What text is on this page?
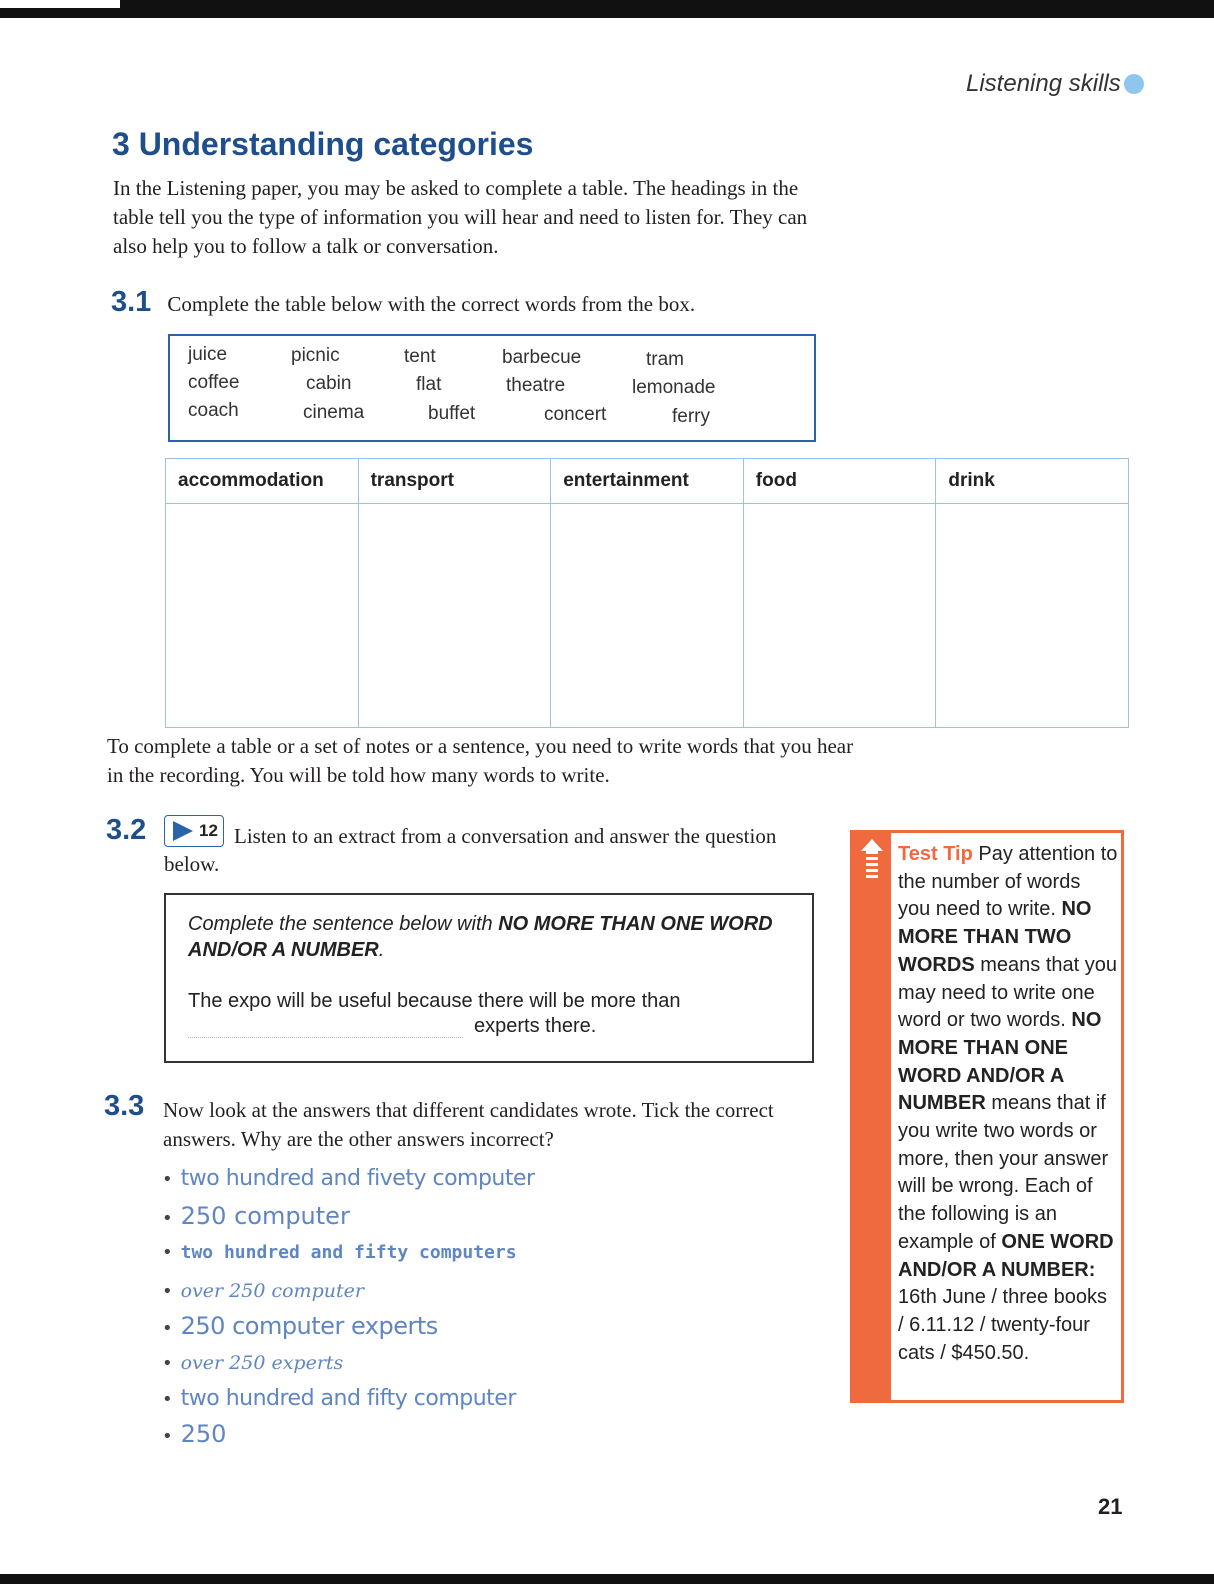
Listening skills
3 Understanding categories
In the Listening paper, you may be asked to complete a table. The headings in the table tell you the type of information you will hear and need to listen for. They can also help you to follow a talk or conversation.
3.1 Complete the table below with the correct words from the box.
juice	picnic	tent	barbecue	tram
coffee	cabin	flat	theatre	lemonade
coach	cinema	buffet	concert	ferry
accommodation	transport	entertainment	food	drink

To complete a table or a set of notes or a sentence, you need to write words that you hear in the recording. You will be told how many words to write.
3.2	12 Listen to an extract from a conversation and answer the question below.
Complete the sentence below with NO MORE THAN ONE WORD AND/OR A NUMBER.
The expo will be useful because there will be more than
experts there.
3.3 Now look at the answers that different candidates wrote. Tick the correct answers. Why are the other answers incorrect?
• two hundred and fivety computer
• 250 computer
• two hundred and fifty computers
• over 250 computer
• 250 computer experts
• over 250 experts
• two hundred and fifty computer
• 250
Test Tip Pay attention to the number of words you need to write. NO MORE THAN TWO WORDS means that you may need to write one word or two words. NO MORE THAN ONE WORD AND/OR A NUMBER means that if you write two words or more, then your answer will be wrong. Each of the following is an example of ONE WORD AND/OR A NUMBER: 16th June / three books / 6.11.12 / twenty-four cats / $450.50.
21
